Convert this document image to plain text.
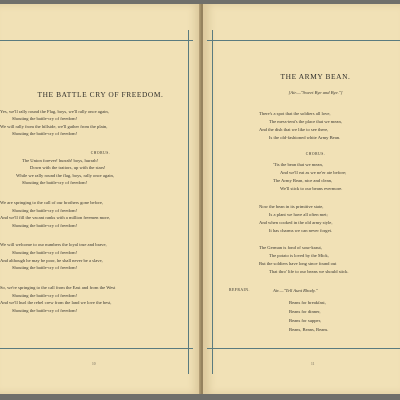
THE BATTLE CRY OF FREEDOM.
Yes, we'll rally round the Flag, boys, we'll rally once again,
Shouting the battle-cry of freedom!
We will rally from the hillside, we'll gather from the plain,
Shouting the battle-cry of freedom!
CHORUS.
The Union forever! hurrah! boys, hurrah!
Down with the traitors, up with the stars!
While we rally round the flag, boys, rally once again,
Shouting the battle-cry of freedom!
We are springing to the call of our brothers gone before,
Shouting the battle-cry of freedom!
And we'll fill the vacant ranks with a million freemen more,
Shouting the battle-cry of freedom!
We will welcome to our numbers the loyal true and brave,
Shouting the battle-cry of freedom!
And although he may be poor, he shall never be a slave,
Shouting the battle-cry of freedom!
So, we're springing to the call from the East and from the West
Shouting the battle-cry of freedom!
And we'll hurl the rebel crew from the land we love the best,
Shouting the battle-cry of freedom!
10
THE ARMY BEAN.
[Air.—"Sweet Bye and Bye."]
There's a spot that the soldiers all love,
The mess-tent's the place that we mean,
And the dish that we like to see there,
Is the old-fashioned white Army Bean.
CHORUS.
'Tis the bean that we mean,
And we'll eat as we ne'er ate before;
The Army Bean, nice and clean,
We'll stick to our beans evermore.
Now the bean in its primitive state,
Is a plant we have all often met;
And when cooked in the old army style,
It has charms we can never forget.
The German is fond of sour-kraut,
The potato is loved by the Mick,
But the soldiers have long since found out
That thro' life to our beans we should stick.
REFRAIN.	Air.—"Tell Aunt Rhody."
Beans for breakfast,
Beans for dinner,
Beans for supper,
Beans, Beans, Beans.
11
